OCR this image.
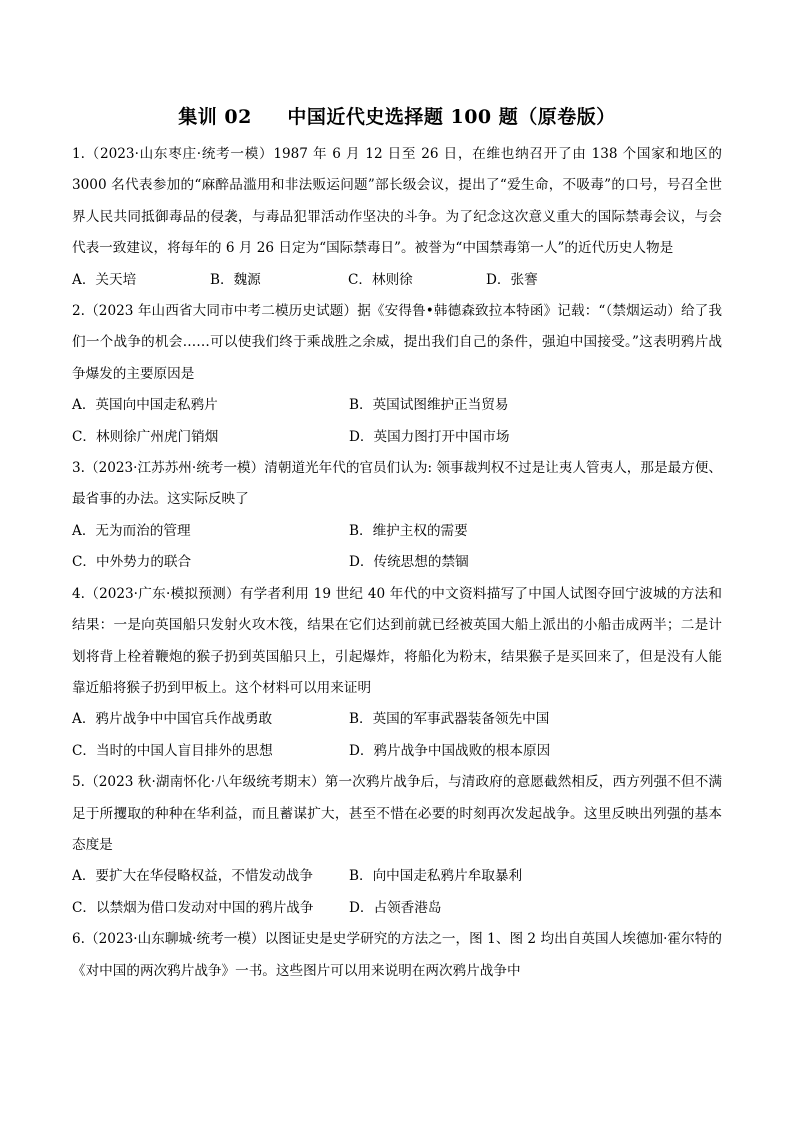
集训 02     中国近代史选择题 100 题（原卷版）

1.（2023·山东枣庄·统考一模）1987 年 6 月 12 日至 26 日，在维也纳召开了由 138 个国家和地区的 3000 名代表参加的“麻醉品滥用和非法贩运问题”部长级会议，提出了“爱生命，不吸毒”的口号，号召全世界人民共同抵御毒品的侵袭，与毒品犯罪活动作坚决的斗争。为了纪念这次意义重大的国际禁毒会议，与会代表一致建议，将每年的 6 月 26 日定为“国际禁毒日”。被誉为“中国禁毒第一人”的近代历史人物是

A．关天培	B．魏源	C．林则徐	D．张謇

2.（2023 年山西省大同市中考二模历史试题）据《安得鲁•韩德森致拉本特函》记载：“（禁烟运动）给了我们一个战争的机会……可以使我们终于乘战胜之余威，提出我们自己的条件，强迫中国接受。”这表明鸦片战争爆发的主要原因是

A．英国向中国走私鸦片	B．英国试图维护正当贸易
C．林则徐广州虎门销烟	D．英国力图打开中国市场

3.（2023·江苏苏州·统考一模）清朝道光年代的官员们认为: 领事裁判权不过是让夷人管夷人，那是最方便、最省事的办法。这实际反映了

A．无为而治的管理	B．维护主权的需要
C．中外势力的联合	D．传统思想的禁锢

4.（2023·广东·模拟预测）有学者利用 19 世纪 40 年代的中文资料描写了中国人试图夺回宁波城的方法和结果：一是向英国船只发射火攻木筏，结果在它们达到前就已经被英国大船上派出的小船击成两半；二是计划将背上栓着鞭炮的猴子扔到英国船只上，引起爆炸，将船化为粉末，结果猴子是买回来了，但是没有人能靠近船将猴子扔到甲板上。这个材料可以用来证明

A．鸦片战争中中国官兵作战勇敢	B．英国的军事武器装备领先中国
C．当时的中国人盲目排外的思想	D．鸦片战争中国战败的根本原因

5.（2023 秋·湖南怀化·八年级统考期末）第一次鸦片战争后，与清政府的意愿截然相反，西方列强不但不满足于所攫取的种种在华利益，而且蓄谋扩大，甚至不惜在必要的时刻再次发起战争。这里反映出列强的基本态度是

A．要扩大在华侵略权益，不惜发动战争	B．向中国走私鸦片牟取暴利
C．以禁烟为借口发动对中国的鸦片战争	D．占领香港岛

6.（2023·山东聊城·统考一模）以图证史是史学研究的方法之一，图 1、图 2 均出自英国人埃德加·霍尔特的《对中国的两次鸦片战争》一书。这些图片可以用来说明在两次鸦片战争中
